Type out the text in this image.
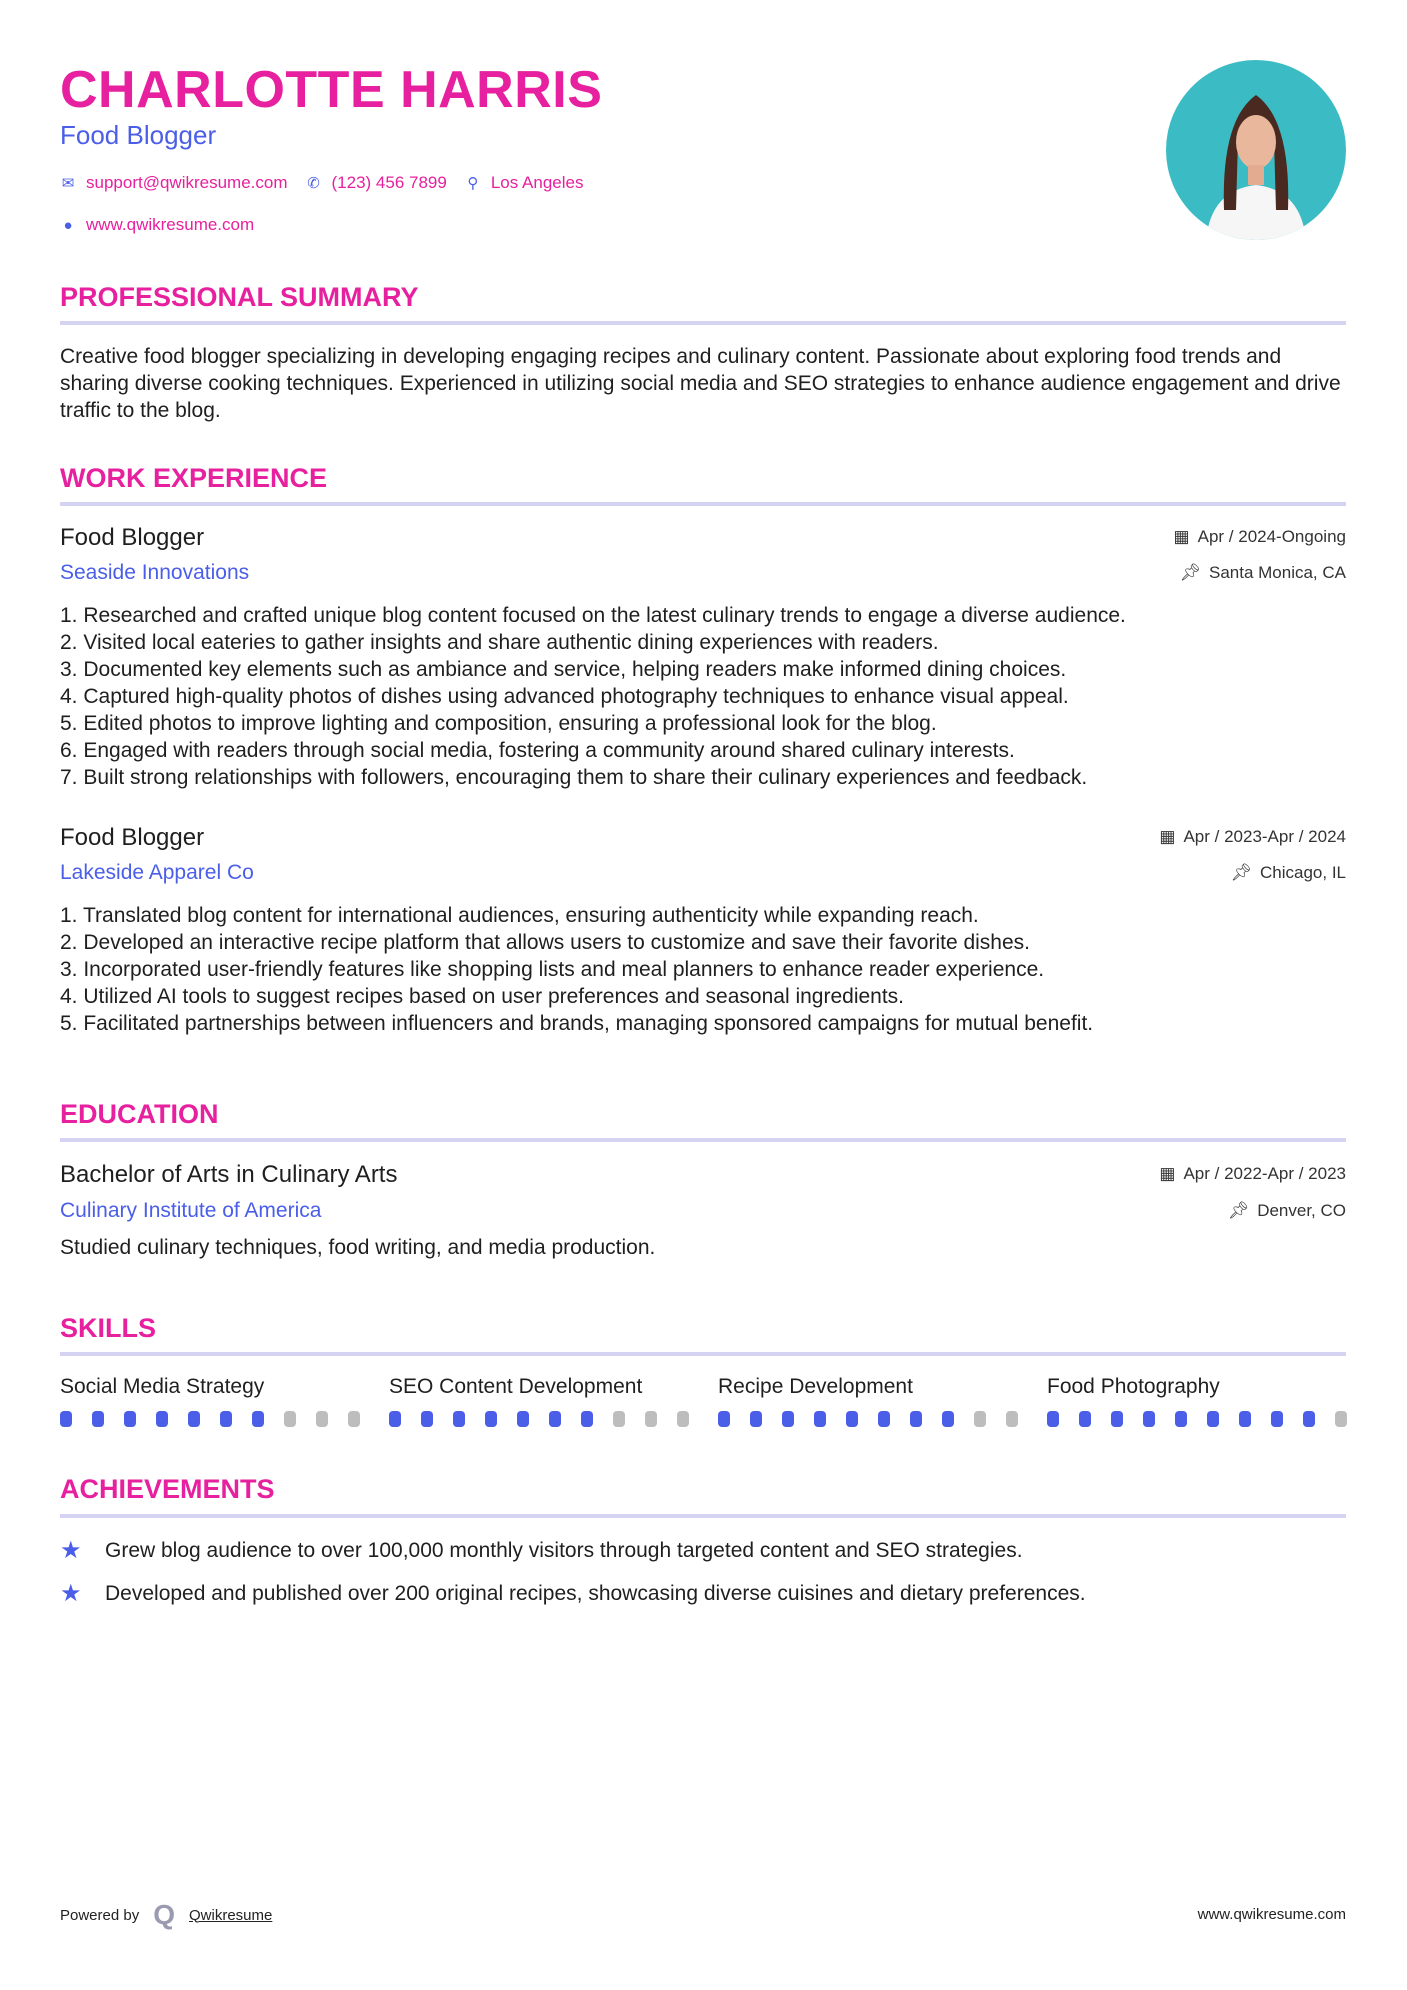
CHARLOTTE HARRIS
Food Blogger
✉ support@qwikresume.com ✆ (123) 456 7899 ⚲ Los Angeles
● www.qwikresume.com
PROFESSIONAL SUMMARY
Creative food blogger specializing in developing engaging recipes and culinary content. Passionate about exploring food trends and sharing diverse cooking techniques. Experienced in utilizing social media and SEO strategies to enhance audience engagement and drive traffic to the blog.
WORK EXPERIENCE
Food Blogger	▦ Apr / 2024-Ongoing
Seaside Innovations	📌︎ Santa Monica, CA
1. Researched and crafted unique blog content focused on the latest culinary trends to engage a diverse audience.
2. Visited local eateries to gather insights and share authentic dining experiences with readers.
3. Documented key elements such as ambiance and service, helping readers make informed dining choices.
4. Captured high-quality photos of dishes using advanced photography techniques to enhance visual appeal.
5. Edited photos to improve lighting and composition, ensuring a professional look for the blog.
6. Engaged with readers through social media, fostering a community around shared culinary interests.
7. Built strong relationships with followers, encouraging them to share their culinary experiences and feedback.
Food Blogger	▦ Apr / 2023-Apr / 2024
Lakeside Apparel Co	📌︎ Chicago, IL
1. Translated blog content for international audiences, ensuring authenticity while expanding reach.
2. Developed an interactive recipe platform that allows users to customize and save their favorite dishes.
3. Incorporated user-friendly features like shopping lists and meal planners to enhance reader experience.
4. Utilized AI tools to suggest recipes based on user preferences and seasonal ingredients.
5. Facilitated partnerships between influencers and brands, managing sponsored campaigns for mutual benefit.
EDUCATION
Bachelor of Arts in Culinary Arts	▦ Apr / 2022-Apr / 2023
Culinary Institute of America	📌︎ Denver, CO
Studied culinary techniques, food writing, and media production.
SKILLS
Social Media Strategy	SEO Content Development	Recipe Development	Food Photography
ACHIEVEMENTS
★	Grew blog audience to over 100,000 monthly visitors through targeted content and SEO strategies.
★	Developed and published over 200 original recipes, showcasing diverse cuisines and dietary preferences.
Powered by Q Qwikresume	www.qwikresume.com
